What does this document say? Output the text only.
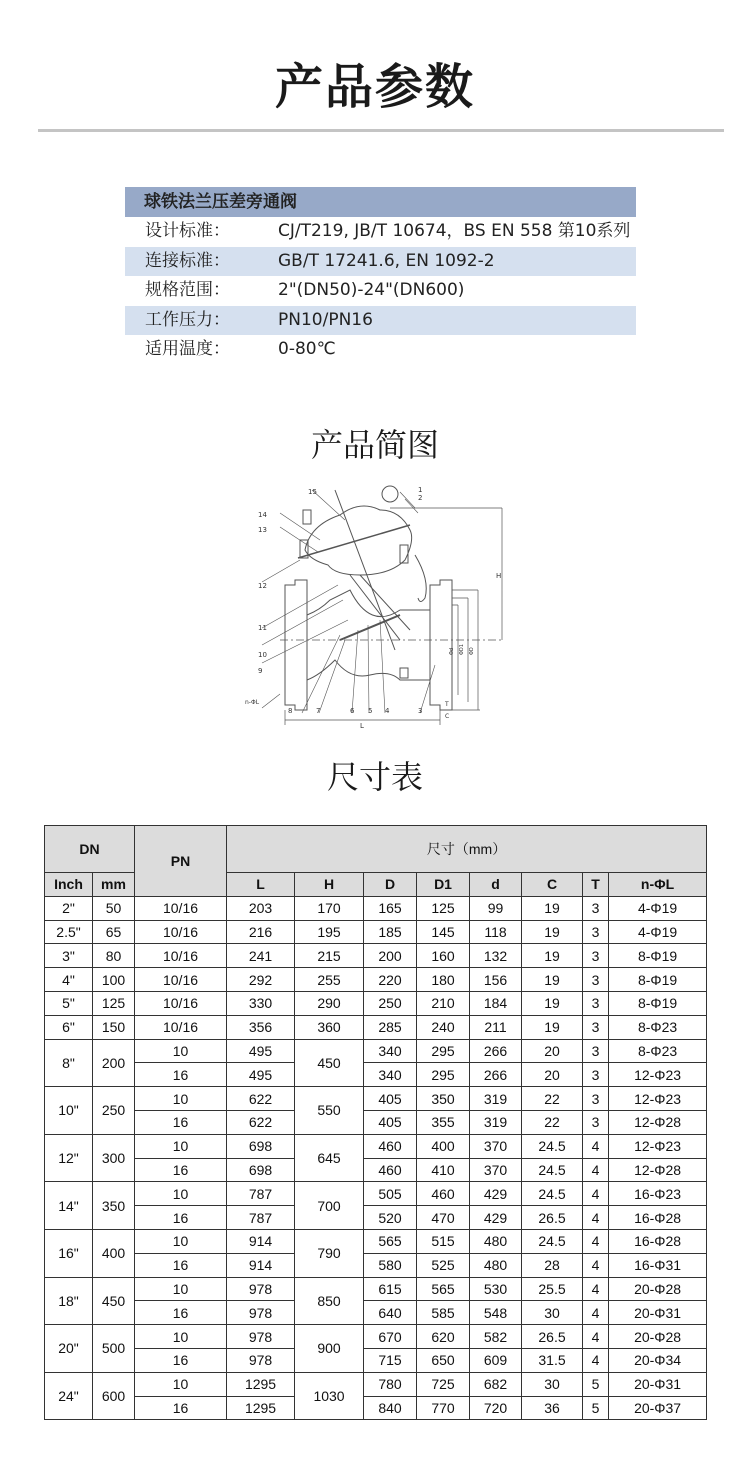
产品参数
球铁法兰压差旁通阀
设计标准：	CJ/T219, JB/T 10674，BS EN 558 第10系列
连接标准：	GB/T 17241.6, EN 1092-2
规格范围：	2"(DN50)-24"(DN600)
工作压力：	PN10/PN16
适用温度：	0-80℃
产品简图
1
2
3
4
5
6
7
8
9
10
11
12
13
14
15
n-ΦL
L
H
T
C
Φd ΦD1 ΦD
尺寸表
DN		PN	尺寸（mm）							
Inch	mm		L	H	D	D1	d	C	T	n-ΦL
2"	50	10/16	203	170	165	125	99	19	3	4-Φ19
2.5"	65	10/16	216	195	185	145	118	19	3	4-Φ19
3"	80	10/16	241	215	200	160	132	19	3	8-Φ19
4"	100	10/16	292	255	220	180	156	19	3	8-Φ19
5"	125	10/16	330	290	250	210	184	19	3	8-Φ19
6"	150	10/16	356	360	285	240	211	19	3	8-Φ23
8"	200	10	495	450	340	295	266	20	3	8-Φ23
		16	495		340	295	266	20	3	12-Φ23
10"	250	10	622	550	405	350	319	22	3	12-Φ23
		16	622		405	355	319	22	3	12-Φ28
12"	300	10	698	645	460	400	370	24.5	4	12-Φ23
		16	698		460	410	370	24.5	4	12-Φ28
14"	350	10	787	700	505	460	429	24.5	4	16-Φ23
		16	787		520	470	429	26.5	4	16-Φ28
16"	400	10	914	790	565	515	480	24.5	4	16-Φ28
		16	914		580	525	480	28	4	16-Φ31
18"	450	10	978	850	615	565	530	25.5	4	20-Φ28
		16	978		640	585	548	30	4	20-Φ31
20"	500	10	978	900	670	620	582	26.5	4	20-Φ28
		16	978		715	650	609	31.5	4	20-Φ34
24"	600	10	1295	1030	780	725	682	30	5	20-Φ31
		16	1295		840	770	720	36	5	20-Φ37
